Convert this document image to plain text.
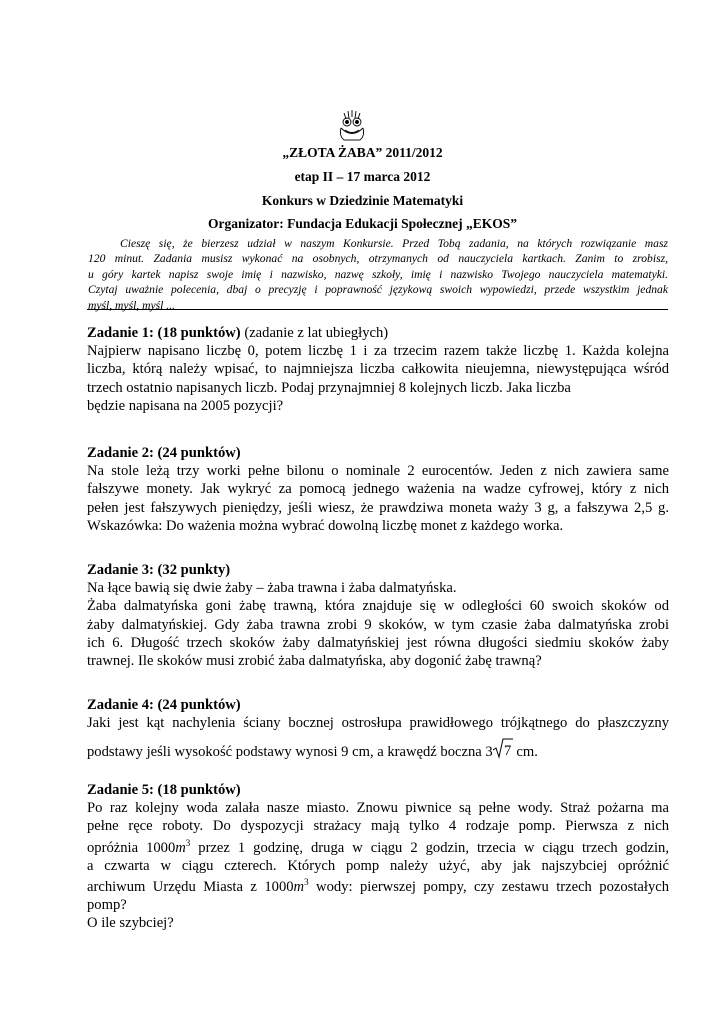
„ZŁOTA ŻABA” 2011/2012
etap II – 17 marca 2012
Konkurs w Dziedzinie Matematyki
Organizator: Fundacja Edukacji Społecznej „EKOS”
Cieszę się, że bierzesz udział w naszym Konkursie. Przed Tobą zadania, na których rozwiązanie masz
120 minut. Zadania musisz wykonać na osobnych, otrzymanych od nauczyciela kartkach. Zanim to zrobisz,
u góry kartek napisz swoje imię i nazwisko, nazwę szkoły, imię i nazwisko Twojego nauczyciela matematyki.
Czytaj uważnie polecenia, dbaj o precyzję i poprawność językową swoich wypowiedzi, przede wszystkim jednak
myśl, myśl, myśl ...
Zadanie 1: (18 punktów) (zadanie z lat ubiegłych)
Najpierw napisano liczbę 0, potem liczbę 1 i za trzecim razem także liczbę 1. Każda kolejna
liczba, którą należy wpisać, to najmniejsza liczba całkowita nieujemna, niewystępująca wśród
trzech ostatnio napisanych liczb. Podaj przynajmniej 8 kolejnych liczb. Jaka liczba
będzie napisana na 2005 pozycji?
Zadanie 2: (24 punktów)
Na stole leżą trzy worki pełne bilonu o nominale 2 eurocentów. Jeden z nich zawiera same
fałszywe monety. Jak wykryć za pomocą jednego ważenia na wadze cyfrowej, który z nich
pełen jest fałszywych pieniędzy, jeśli wiesz, że prawdziwa moneta waży 3 g, a fałszywa 2,5 g.
Wskazówka: Do ważenia można wybrać dowolną liczbę monet z każdego worka.
Zadanie 3: (32 punkty)
Na łące bawią się dwie żaby – żaba trawna i żaba dalmatyńska.
Żaba dalmatyńska goni żabę trawną, która znajduje się w odległości 60 swoich skoków od
żaby dalmatyńskiej. Gdy żaba trawna zrobi 9 skoków, w tym czasie żaba dalmatyńska zrobi
ich 6. Długość trzech skoków żaby dalmatyńskiej jest równa długości siedmiu skoków żaby
trawnej. Ile skoków musi zrobić żaba dalmatyńska, aby dogonić żabę trawną?
Zadanie 4: (24 punktów)
Jaki jest kąt nachylenia ściany bocznej ostrosłupa prawidłowego trójkątnego do płaszczyzny
podstawy jeśli wysokość podstawy wynosi 9 cm, a krawędź boczna 3 7 cm.
Zadanie 5: (18 punktów)
Po raz kolejny woda zalała nasze miasto. Znowu piwnice są pełne wody. Straż pożarna ma
pełne ręce roboty. Do dyspozycji strażacy mają tylko 4 rodzaje pomp. Pierwsza z nich
opróżnia $1000m^3$ przez 1 godzinę, druga w ciągu 2 godzin, trzecia w ciągu trzech godzin,
a czwarta w ciągu czterech. Których pomp należy użyć, aby jak najszybciej opróżnić
archiwum Urzędu Miasta z $1000m^3$ wody: pierwszej pompy, czy zestawu trzech pozostałych
pomp?
O ile szybciej?
